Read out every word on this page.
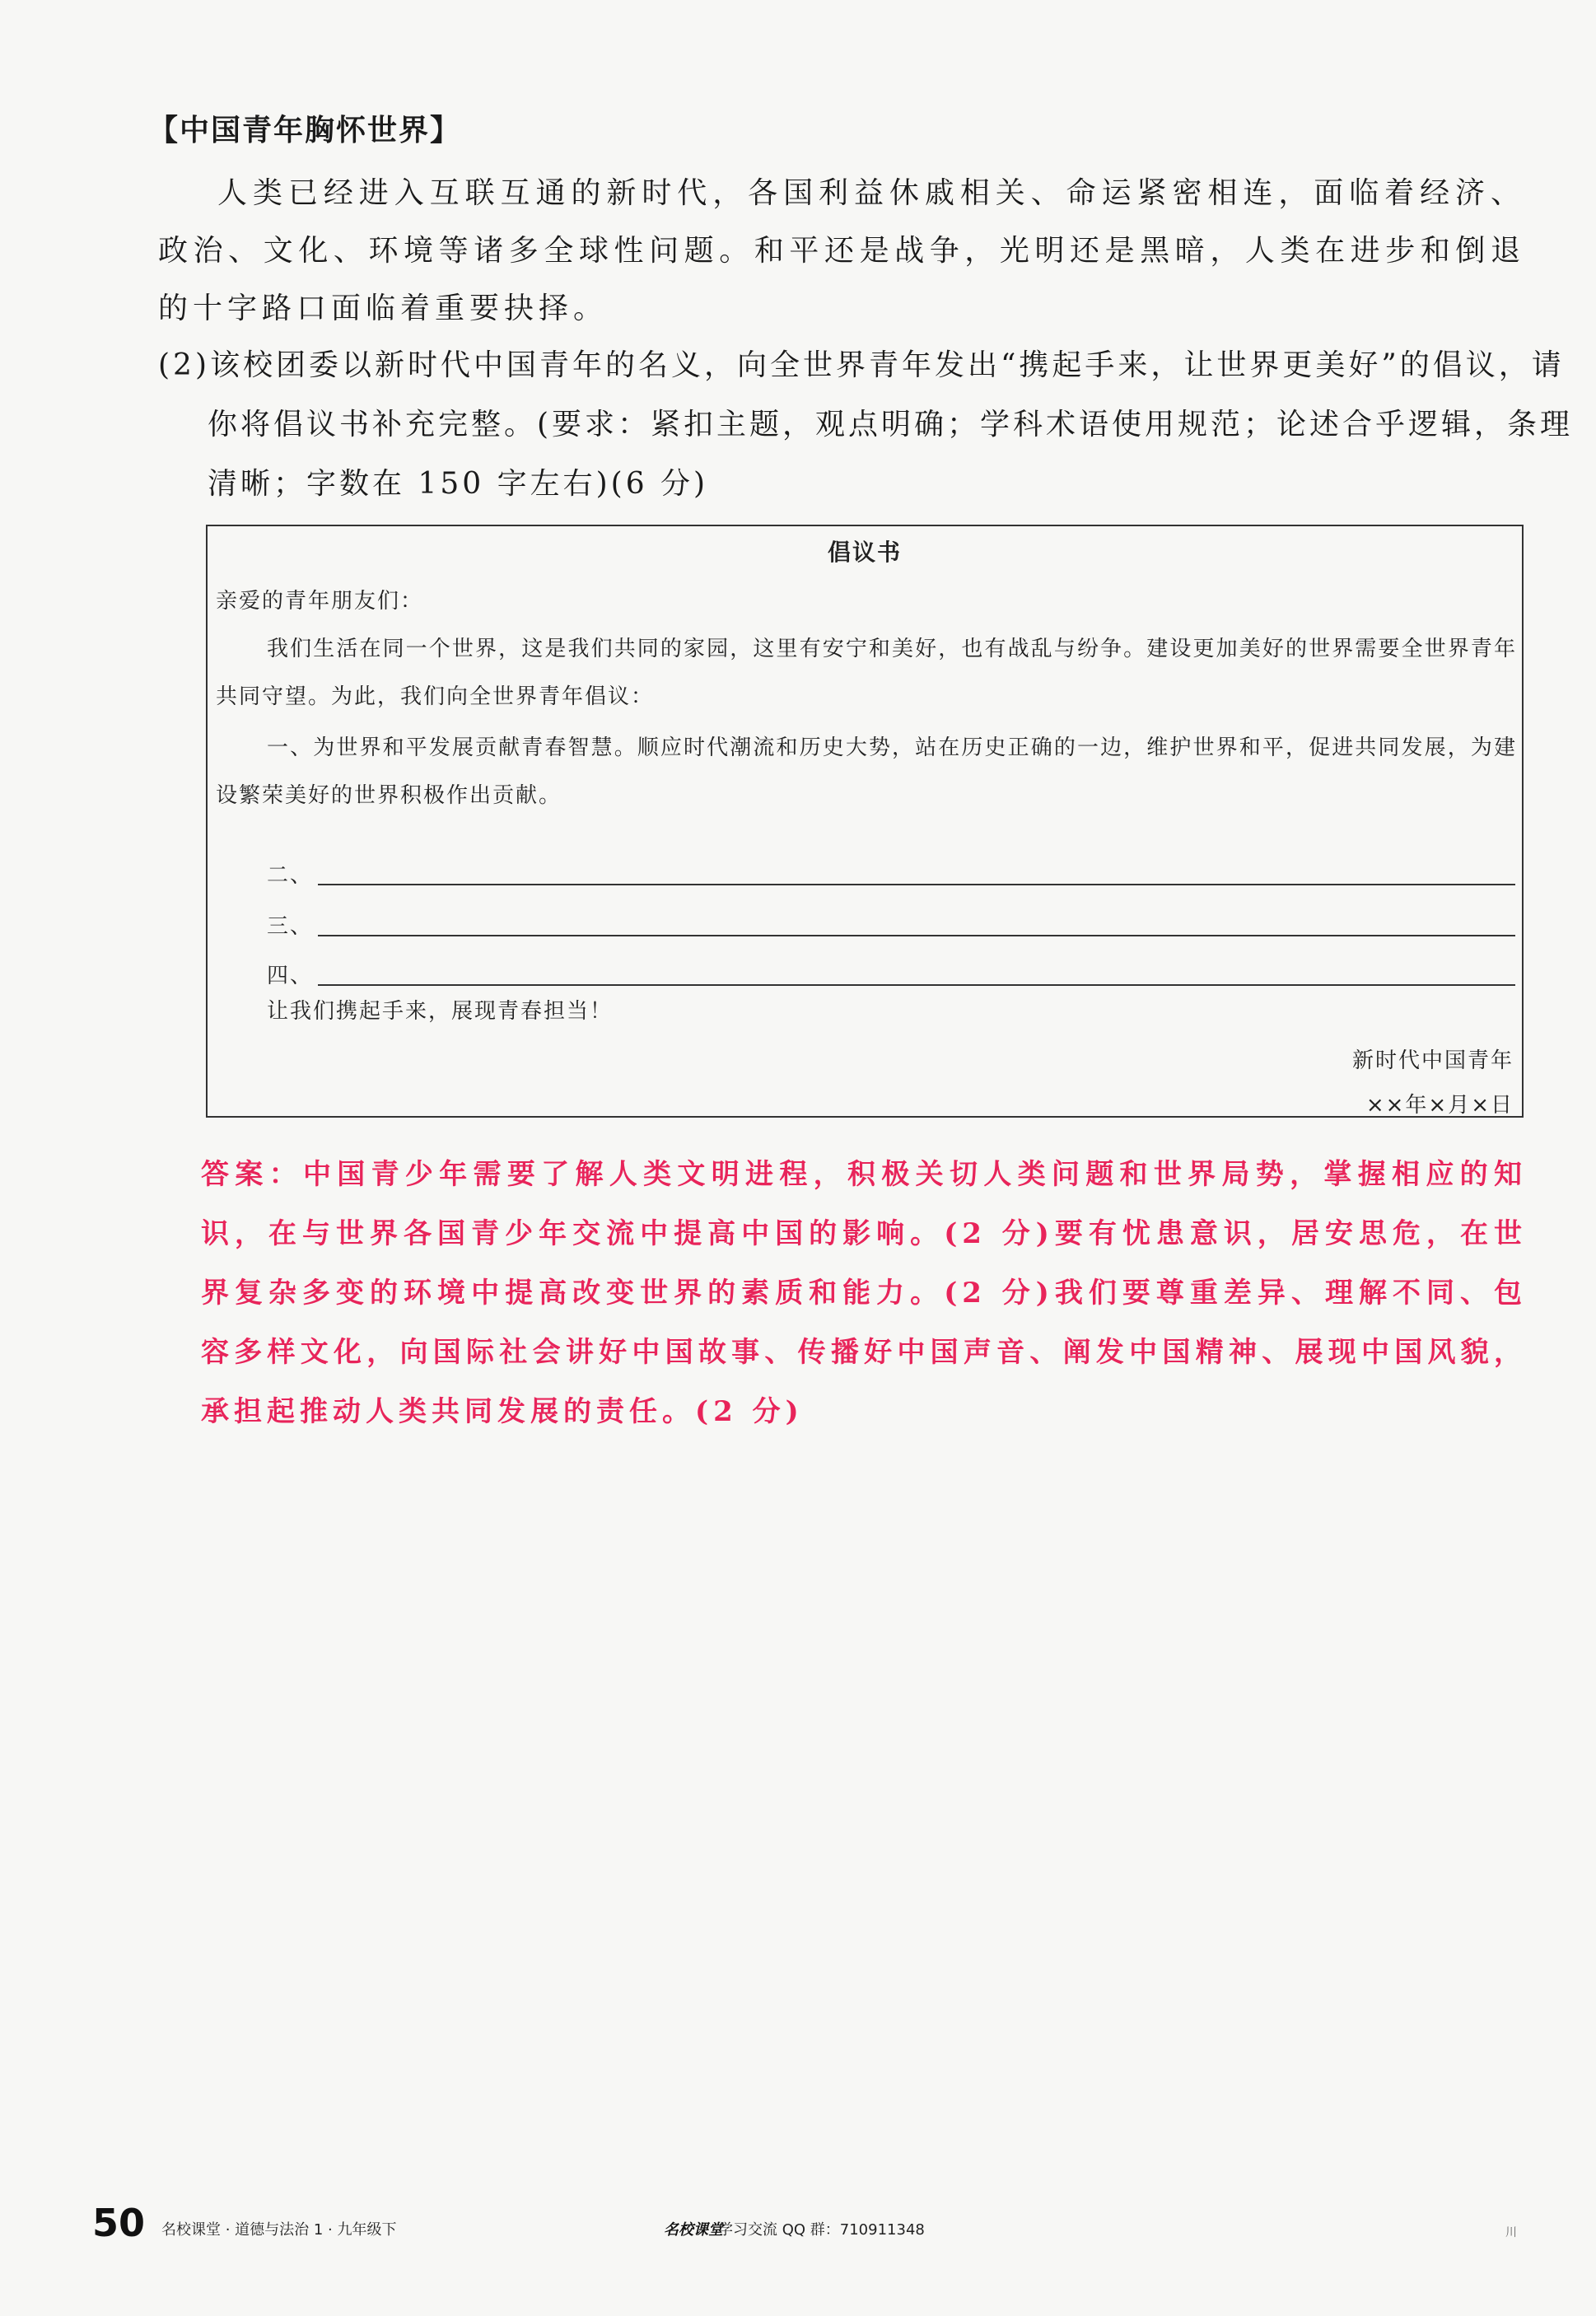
【中国青年胸怀世界】

人类已经进入互联互通的新时代，各国利益休戚相关、命运紧密相连，面临着经济、政治、文化、环境等诸多全球性问题。和平还是战争，光明还是黑暗，人类在进步和倒退的十字路口面临着重要抉择。

(2)该校团委以新时代中国青年的名义，向全世界青年发出“携起手来，让世界更美好”的倡议，请你将倡议书补充完整。(要求：紧扣主题，观点明确；学科术语使用规范；论述合乎逻辑，条理清晰；字数在 150 字左右)(6 分)

倡议书
亲爱的青年朋友们：

我们生活在同一个世界，这是我们共同的家园，这里有安宁和美好，也有战乱与纷争。建设更加美好的世界需要全世界青年共同守望。为此，我们向全世界青年倡议：

一、为世界和平发展贡献青春智慧。顺应时代潮流和历史大势，站在历史正确的一边，维护世界和平，促进共同发展，为建设繁荣美好的世界积极作出贡献。

二、
三、
四、
让我们携起手来，展现青春担当！
新时代中国青年
××年×月×日

答案：中国青少年需要了解人类文明进程，积极关切人类问题和世界局势，掌握相应的知识，在与世界各国青少年交流中提高中国的影响。(2 分)要有忧患意识，居安思危，在世界复杂多变的环境中提高改变世界的素质和能力。(2 分)我们要尊重差异、理解不同、包容多样文化，向国际社会讲好中国故事、传播好中国声音、阐发中国精神、展现中国风貌，承担起推动人类共同发展的责任。(2 分)

50 名校课堂 · 道德与法治 1 · 九年级下	名校课堂
学习交流 QQ 群：710911348	川
